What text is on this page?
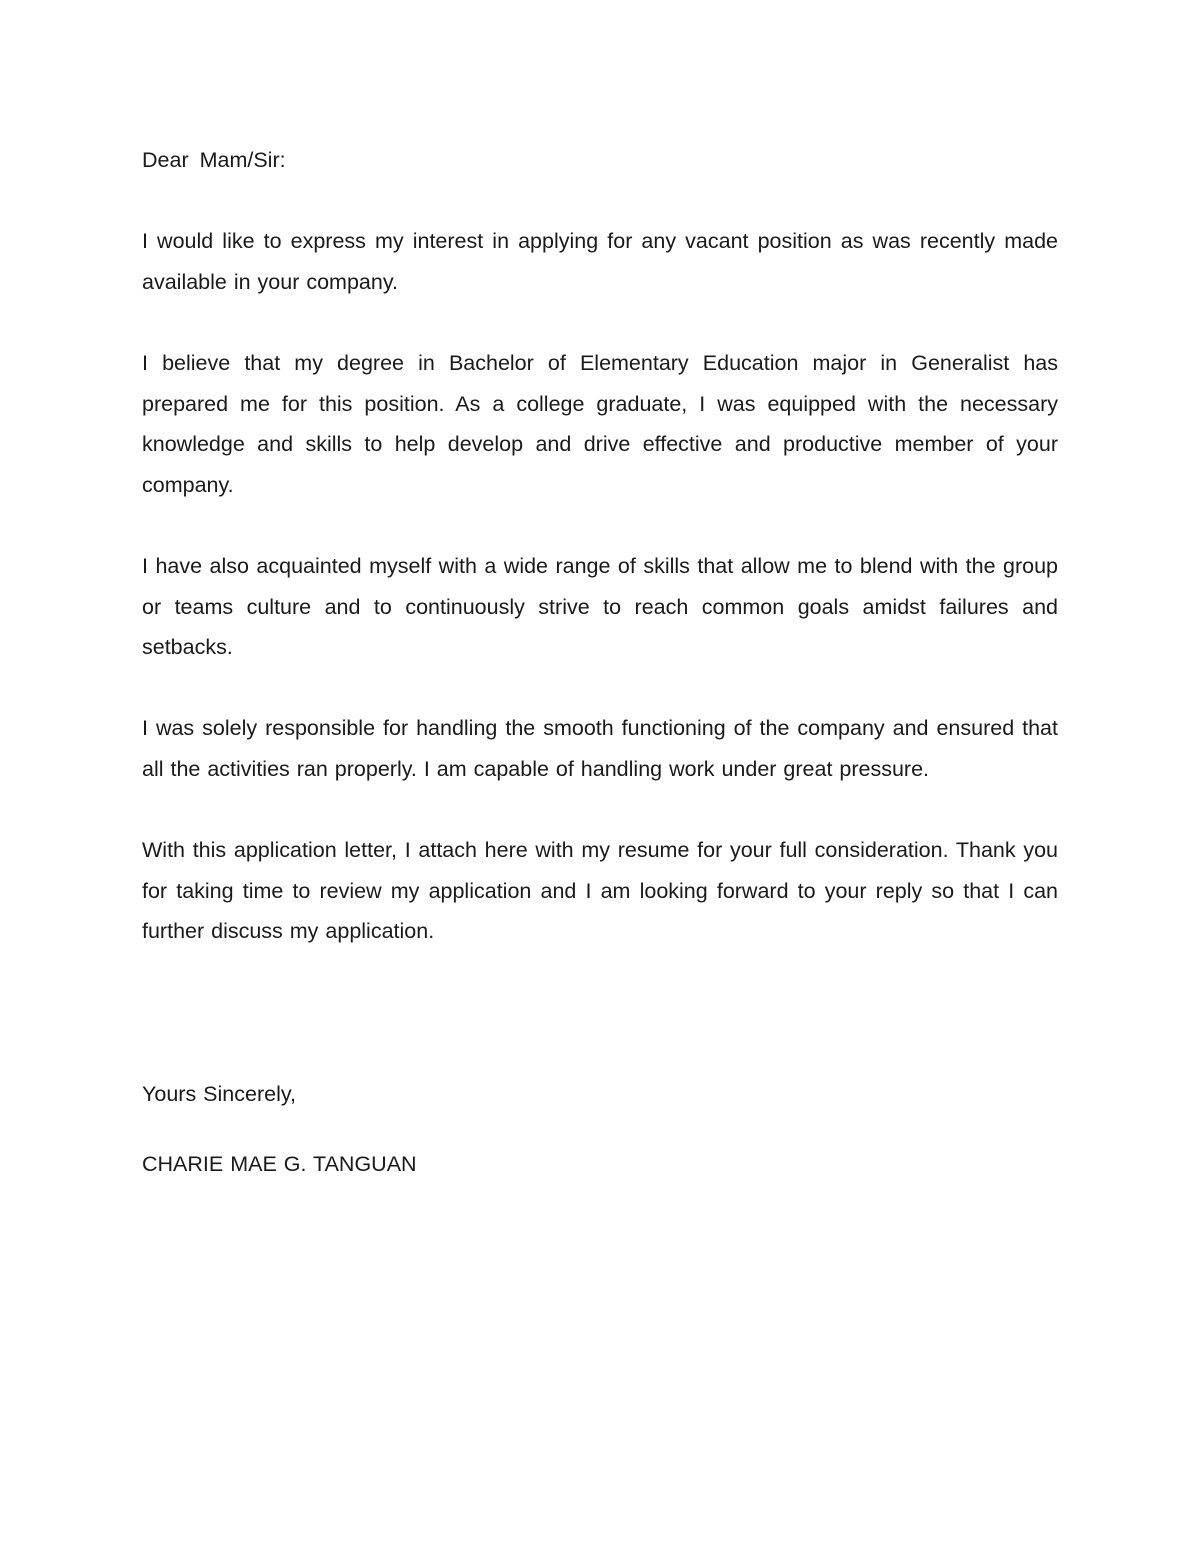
Dear Mam/Sir:

I would like to express my interest in applying for any vacant position as was recently made available in your company.

I believe that my degree in Bachelor of Elementary Education major in Generalist has prepared me for this position. As a college graduate, I was equipped with the necessary knowledge and skills to help develop and drive effective and productive member of your company.

I have also acquainted myself with a wide range of skills that allow me to blend with the group or teams culture and to continuously strive to reach common goals amidst failures and setbacks.

I was solely responsible for handling the smooth functioning of the company and ensured that all the activities ran properly. I am capable of handling work under great pressure.

With this application letter, I attach here with my resume for your full consideration. Thank you for taking time to review my application and I am looking forward to your reply so that I can further discuss my application.

Yours Sincerely,

CHARIE MAE G. TANGUAN
